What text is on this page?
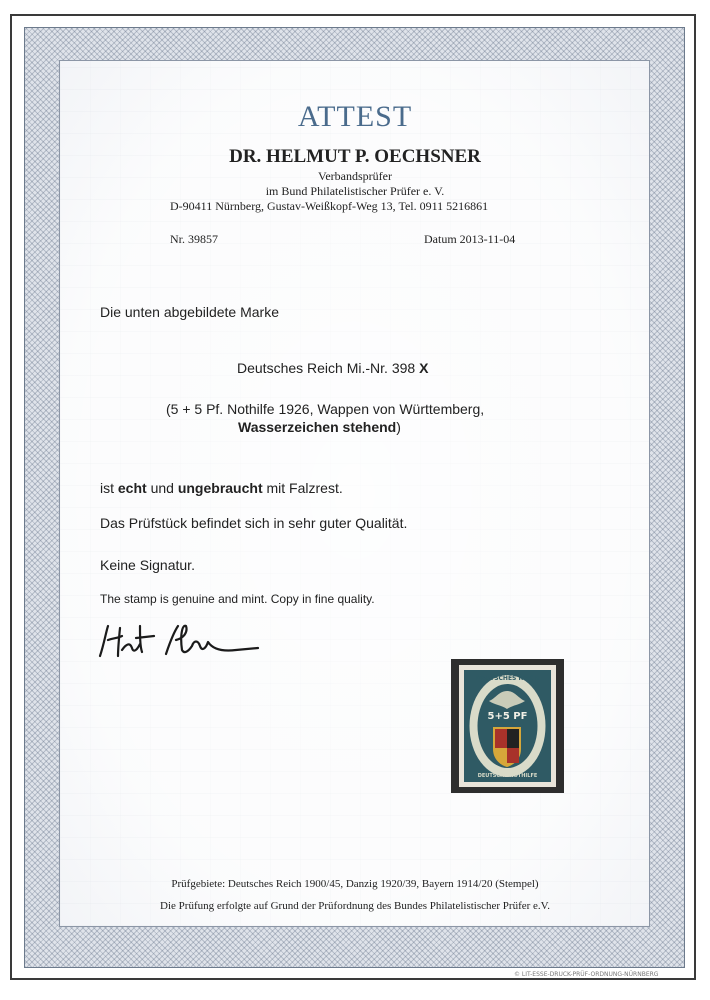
ATTEST
DR. HELMUT P. OECHSNER
Verbandsprüfer
im Bund Philatelistischer Prüfer e. V.
D-90411 Nürnberg, Gustav-Weißkopf-Weg 13, Tel. 0911 5216861
Nr. 39857	Datum 2013-11-04
Die unten abgebildete Marke
Deutsches Reich Mi.-Nr. 398 X
(5 + 5 Pf. Nothilfe 1926, Wappen von Württemberg,
Wasserzeichen stehend)
ist echt und ungebraucht mit Falzrest.
Das Prüfstück befindet sich in sehr guter Qualität.
Keine Signatur.
The stamp is genuine and mint. Copy in fine quality.
DEUTSCHES REICH
5+5 PF
DEUTSCHE NOTHILFE
Prüfgebiete: Deutsches Reich 1900/45, Danzig 1920/39, Bayern 1914/20 (Stempel)
Die Prüfung erfolgte auf Grund der Prüfordnung des Bundes Philatelistischer Prüfer e.V.
© LIT-ESSE-DRUCK-PRÜF-ORDNUNG-NÜRNBERG
